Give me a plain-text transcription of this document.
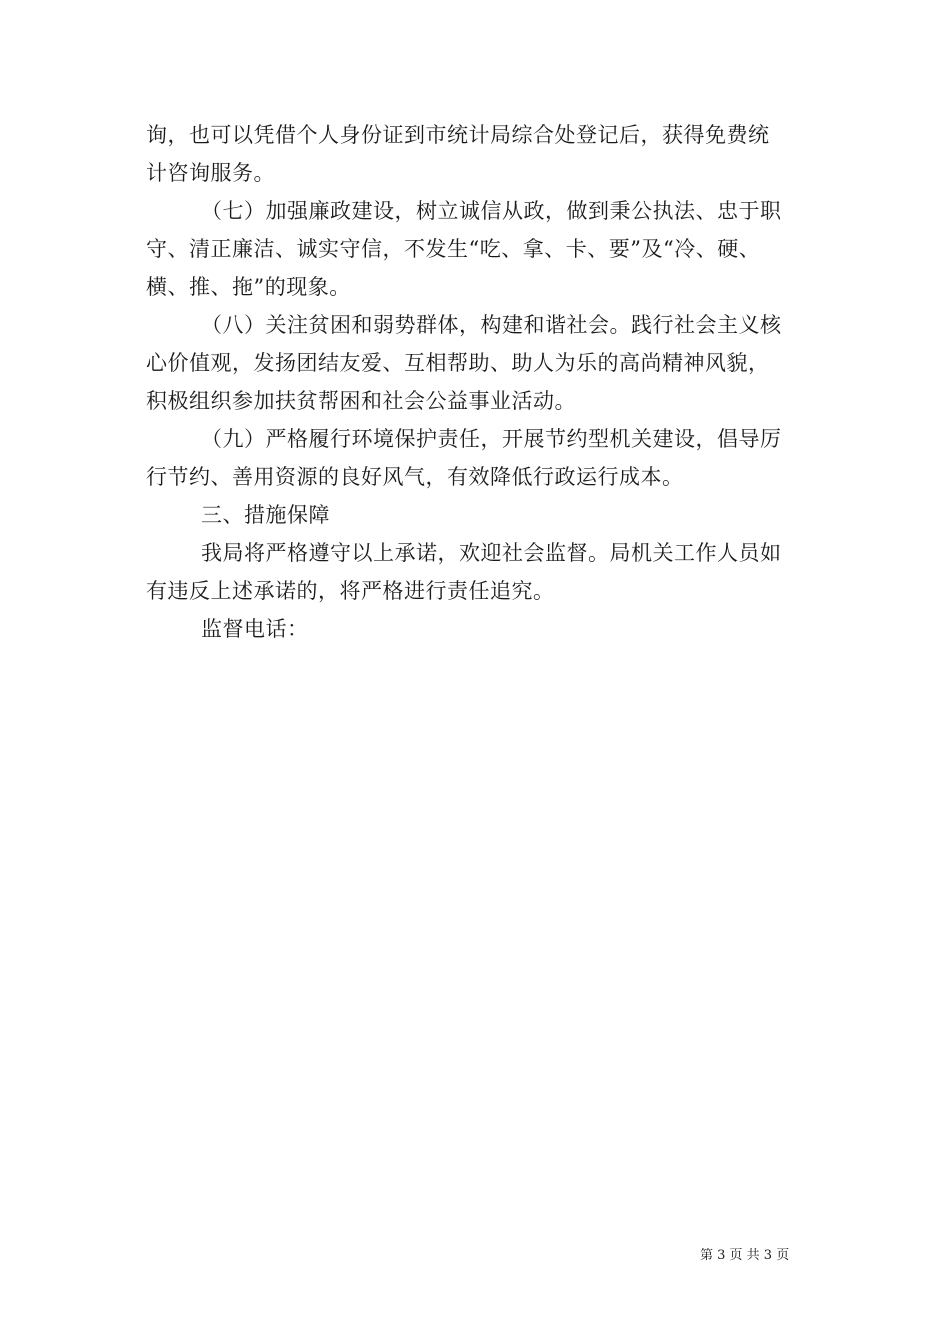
询，也可以凭借个人身份证到市统计局综合处登记后，获得免费统
计咨询服务。
（七）加强廉政建设，树立诚信从政，做到秉公执法、忠于职
守、清正廉洁、诚实守信，不发生“吃、拿、卡、要”及“冷、硬、
横、推、拖”的现象。
（八）关注贫困和弱势群体，构建和谐社会。践行社会主义核
心价值观，发扬团结友爱、互相帮助、助人为乐的高尚精神风貌，
积极组织参加扶贫帮困和社会公益事业活动。
（九）严格履行环境保护责任，开展节约型机关建设，倡导厉
行节约、善用资源的良好风气，有效降低行政运行成本。
三、措施保障
我局将严格遵守以上承诺，欢迎社会监督。局机关工作人员如
有违反上述承诺的，将严格进行责任追究。
监督电话：
第 3 页 共 3 页
